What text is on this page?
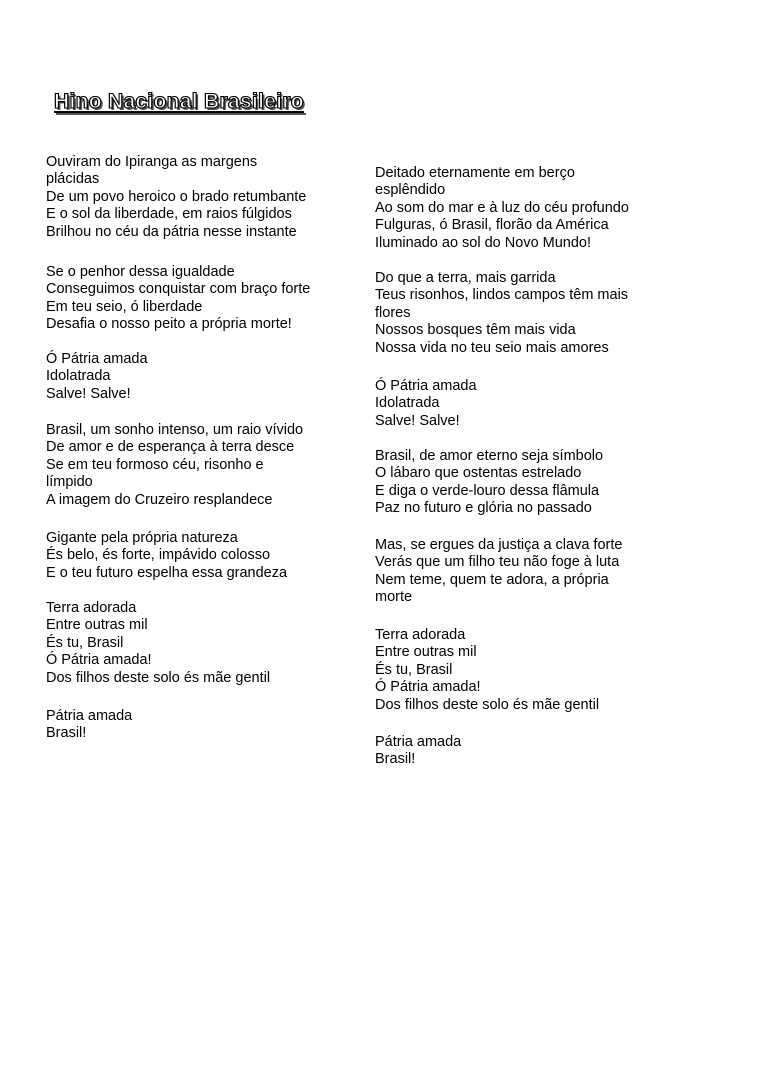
Hino Nacional Brasileiro
Ouviram do Ipiranga as margens
plácidas
De um povo heroico o brado retumbante
E o sol da liberdade, em raios fúlgidos
Brilhou no céu da pátria nesse instante
Se o penhor dessa igualdade
Conseguimos conquistar com braço forte
Em teu seio, ó liberdade
Desafia o nosso peito a própria morte!
Ó Pátria amada
Idolatrada
Salve! Salve!
Brasil, um sonho intenso, um raio vívido
De amor e de esperança à terra desce
Se em teu formoso céu, risonho e
límpido
A imagem do Cruzeiro resplandece
Gigante pela própria natureza
És belo, és forte, impávido colosso
E o teu futuro espelha essa grandeza
Terra adorada
Entre outras mil
És tu, Brasil
Ó Pátria amada!
Dos filhos deste solo és mãe gentil
Pátria amada
Brasil!
Deitado eternamente em berço
esplêndido
Ao som do mar e à luz do céu profundo
Fulguras, ó Brasil, florão da América
Iluminado ao sol do Novo Mundo!
Do que a terra, mais garrida
Teus risonhos, lindos campos têm mais
flores
Nossos bosques têm mais vida
Nossa vida no teu seio mais amores
Ó Pátria amada
Idolatrada
Salve! Salve!
Brasil, de amor eterno seja símbolo
O lábaro que ostentas estrelado
E diga o verde-louro dessa flâmula
Paz no futuro e glória no passado
Mas, se ergues da justiça a clava forte
Verás que um filho teu não foge à luta
Nem teme, quem te adora, a própria
morte
Terra adorada
Entre outras mil
És tu, Brasil
Ó Pátria amada!
Dos filhos deste solo és mãe gentil
Pátria amada
Brasil!
